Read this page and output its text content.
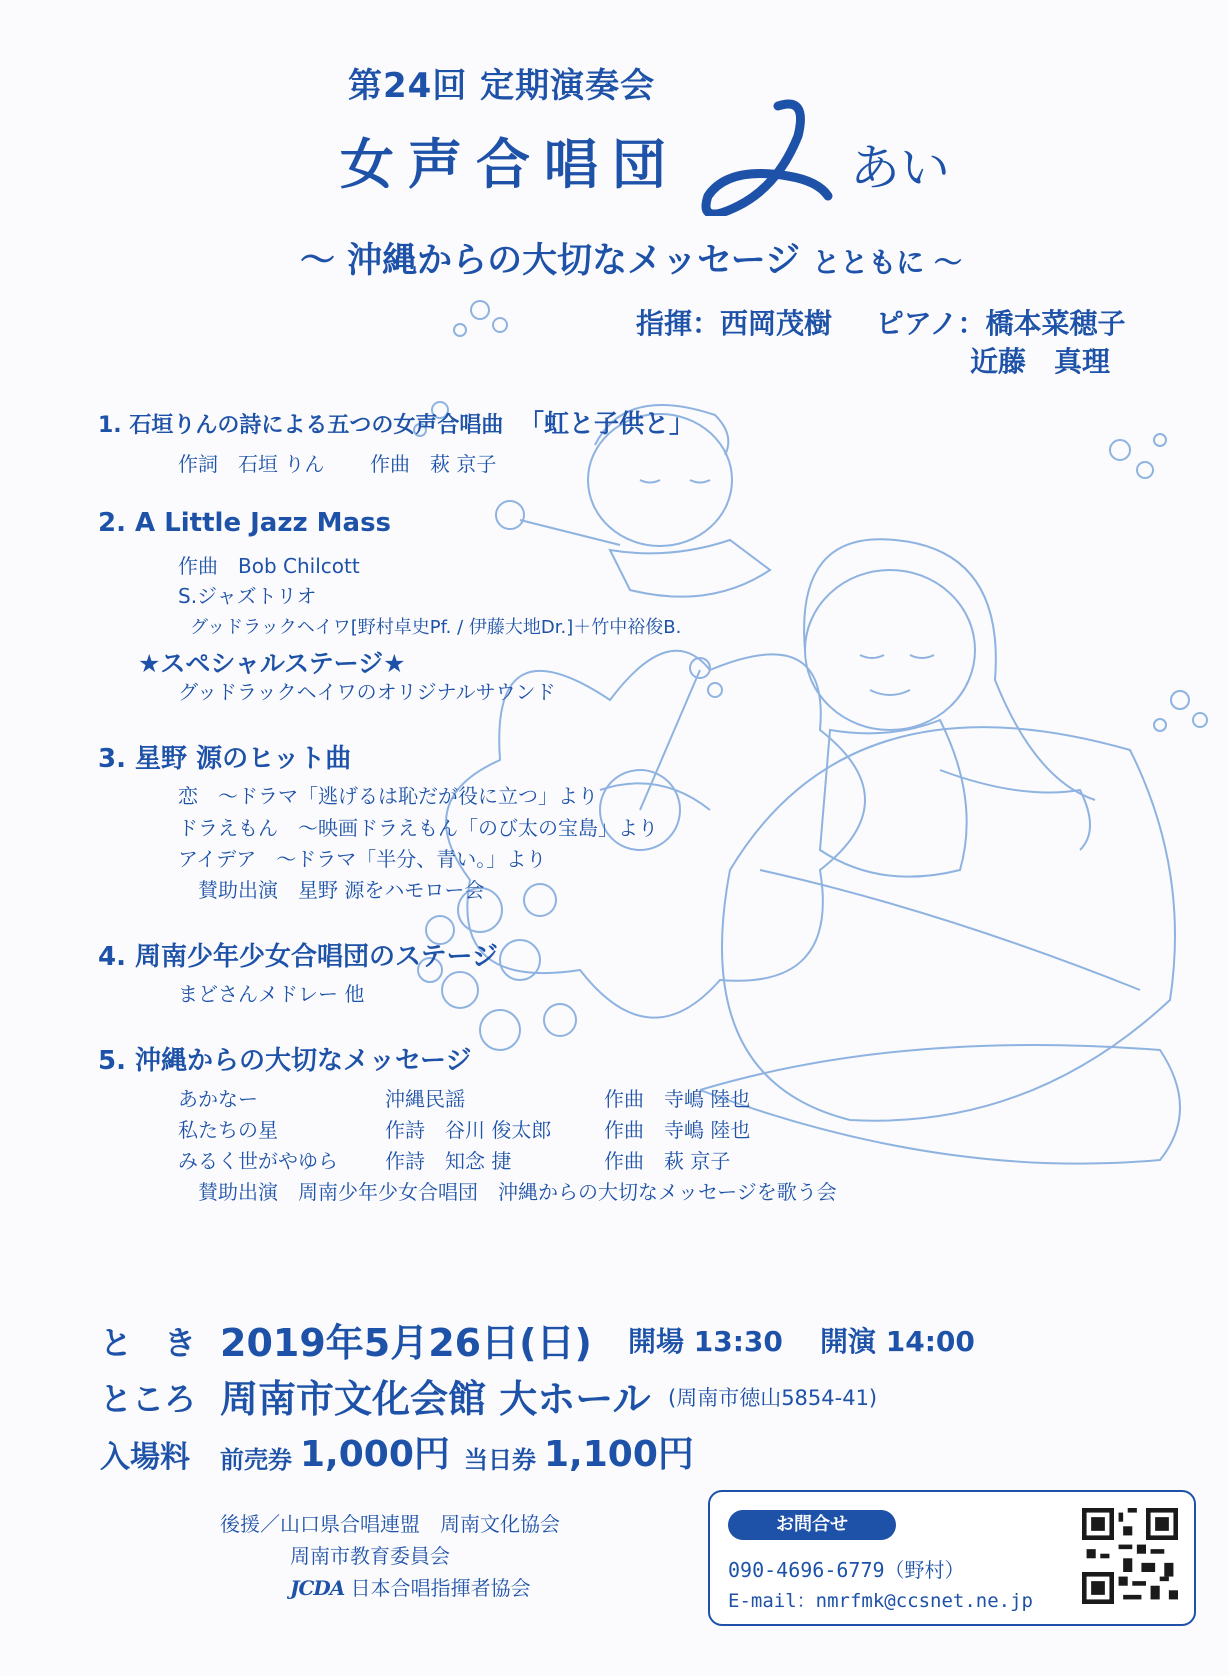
第24回 定期演奏会
女声合唱団	あい
～ 沖縄からの大切なメッセージ とともに ～
指揮：西岡茂樹 ピアノ：橋本菜穂子
近藤　真理
1. 石垣りんの詩による五つの女声合唱曲 「虹と子供と」
作詞　石垣 りん 作曲　萩 京子
2. A Little Jazz Mass
作曲　Bob Chilcott
S.ジャズトリオ
グッドラックヘイワ[野村卓史Pf. / 伊藤大地Dr.]＋竹中裕俊B.
★スペシャルステージ★
グッドラックヘイワのオリジナルサウンド
3. 星野 源のヒット曲
恋　～ドラマ「逃げるは恥だが役に立つ」より
ドラえもん　～映画ドラえもん「のび太の宝島」より
アイデア　～ドラマ「半分、青い。」より
賛助出演　星野 源をハモロー会
4. 周南少年少女合唱団のステージ
まどさんメドレー 他
5. 沖縄からの大切なメッセージ
あかなー	沖縄民謡	作曲　寺嶋 陸也
私たちの星	作詩　谷川 俊太郎	作曲　寺嶋 陸也
みるく世がやゆら 作詩　知念 捷	作曲　萩 京子
賛助出演　周南少年少女合唱団　沖縄からの大切なメッセージを歌う会
と　き 2019年5月26日(日) 開場 13:30 開演 14:00
ところ 周南市文化会館 大ホール (周南市徳山5854-41)
入場料 前売券 1,000円 当日券 1,100円
後援／山口県合唱連盟　周南文化協会
周南市教育委員会
JCDA 日本合唱指揮者協会
お問合せ
090-4696-6779（野村）
E-mail：nmrfmk@ccsnet.ne.jp
